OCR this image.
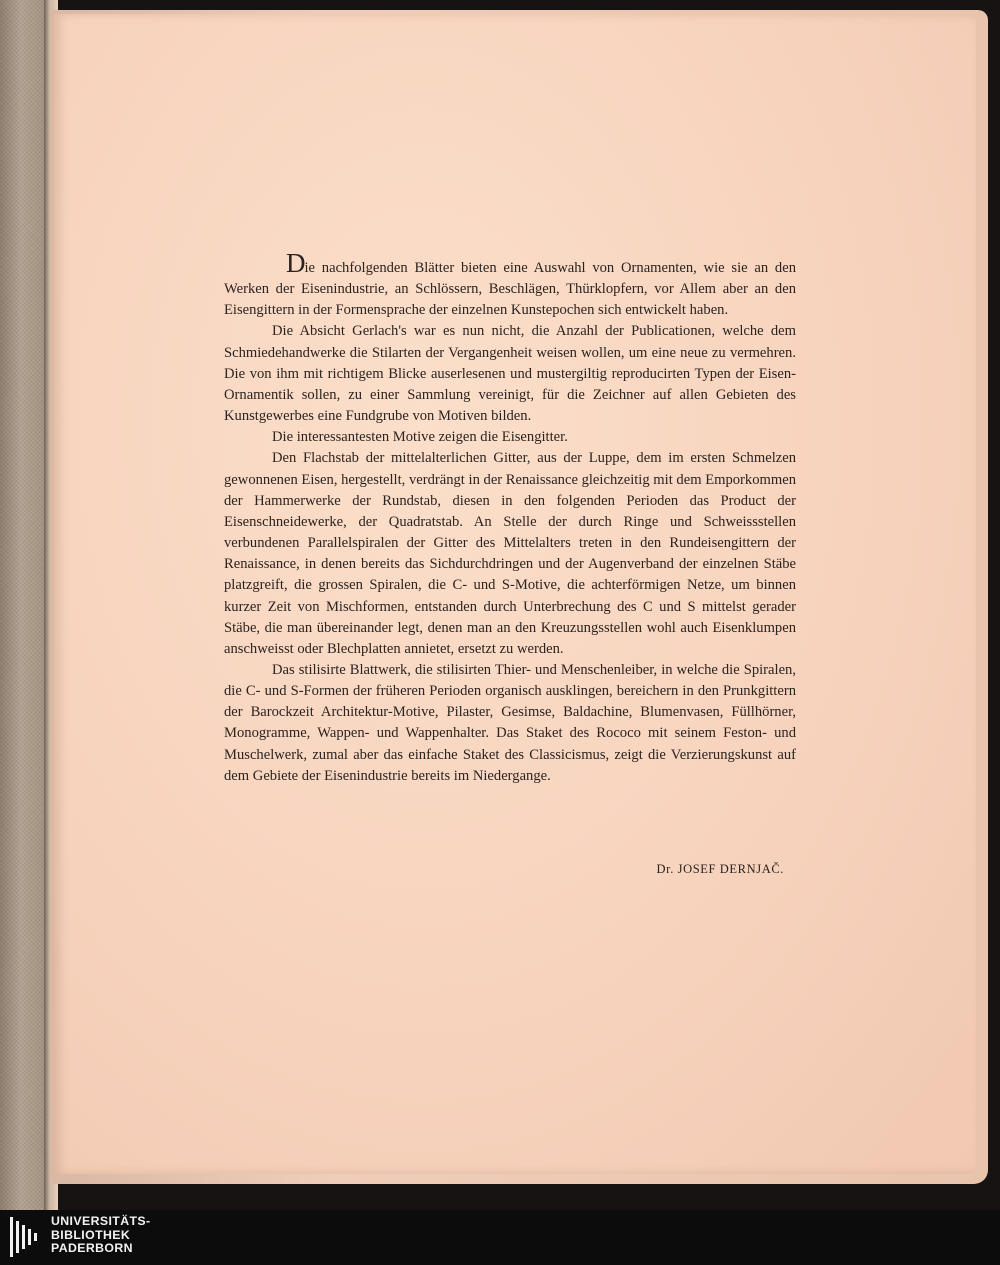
Die nachfolgenden Blätter bieten eine Auswahl von Ornamenten, wie sie an den Werken der Eisenindustrie, an Schlössern, Beschlägen, Thürklopfern, vor Allem aber an den Eisengittern in der Formensprache der einzelnen Kunstepochen sich entwickelt haben.

Die Absicht Gerlach's war es nun nicht, die Anzahl der Publicationen, welche dem Schmiedehandwerke die Stilarten der Vergangenheit weisen wollen, um eine neue zu vermehren. Die von ihm mit richtigem Blicke auserlesenen und mustergiltig reproducirten Typen der Eisen-Ornamentik sollen, zu einer Sammlung vereinigt, für die Zeichner auf allen Gebieten des Kunstgewerbes eine Fundgrube von Motiven bilden.

Die interessantesten Motive zeigen die Eisengitter.

Den Flachstab der mittelalterlichen Gitter, aus der Luppe, dem im ersten Schmelzen gewonnenen Eisen, hergestellt, verdrängt in der Renaissance gleichzeitig mit dem Emporkommen der Hammerwerke der Rundstab, diesen in den folgenden Perioden das Product der Eisenschneidewerke, der Quadratstab. An Stelle der durch Ringe und Schweissstellen verbundenen Parallelspiralen der Gitter des Mittelalters treten in den Rundeisengittern der Renaissance, in denen bereits das Sichdurchdringen und der Augenverband der einzelnen Stäbe platzgreift, die grossen Spiralen, die C- und S-Motive, die achterförmigen Netze, um binnen kurzer Zeit von Mischformen, entstanden durch Unterbrechung des C und S mittelst gerader Stäbe, die man übereinander legt, denen man an den Kreuzungsstellen wohl auch Eisenklumpen anschweisst oder Blechplatten annietet, ersetzt zu werden.

Das stilisirte Blattwerk, die stilisirten Thier- und Menschenleiber, in welche die Spiralen, die C- und S-Formen der früheren Perioden organisch ausklingen, bereichern in den Prunkgittern der Barockzeit Architektur-Motive, Pilaster, Gesimse, Baldachine, Blumenvasen, Füllhörner, Monogramme, Wappen- und Wappenhalter. Das Staket des Rococo mit seinem Feston- und Muschelwerk, zumal aber das einfache Staket des Classicismus, zeigt die Verzierungskunst auf dem Gebiete der Eisenindustrie bereits im Niedergange.

Dr. JOSEF DERNJAČ.
UNIVERSITÄTS-
BIBLIOTHEK
PADERBORN
